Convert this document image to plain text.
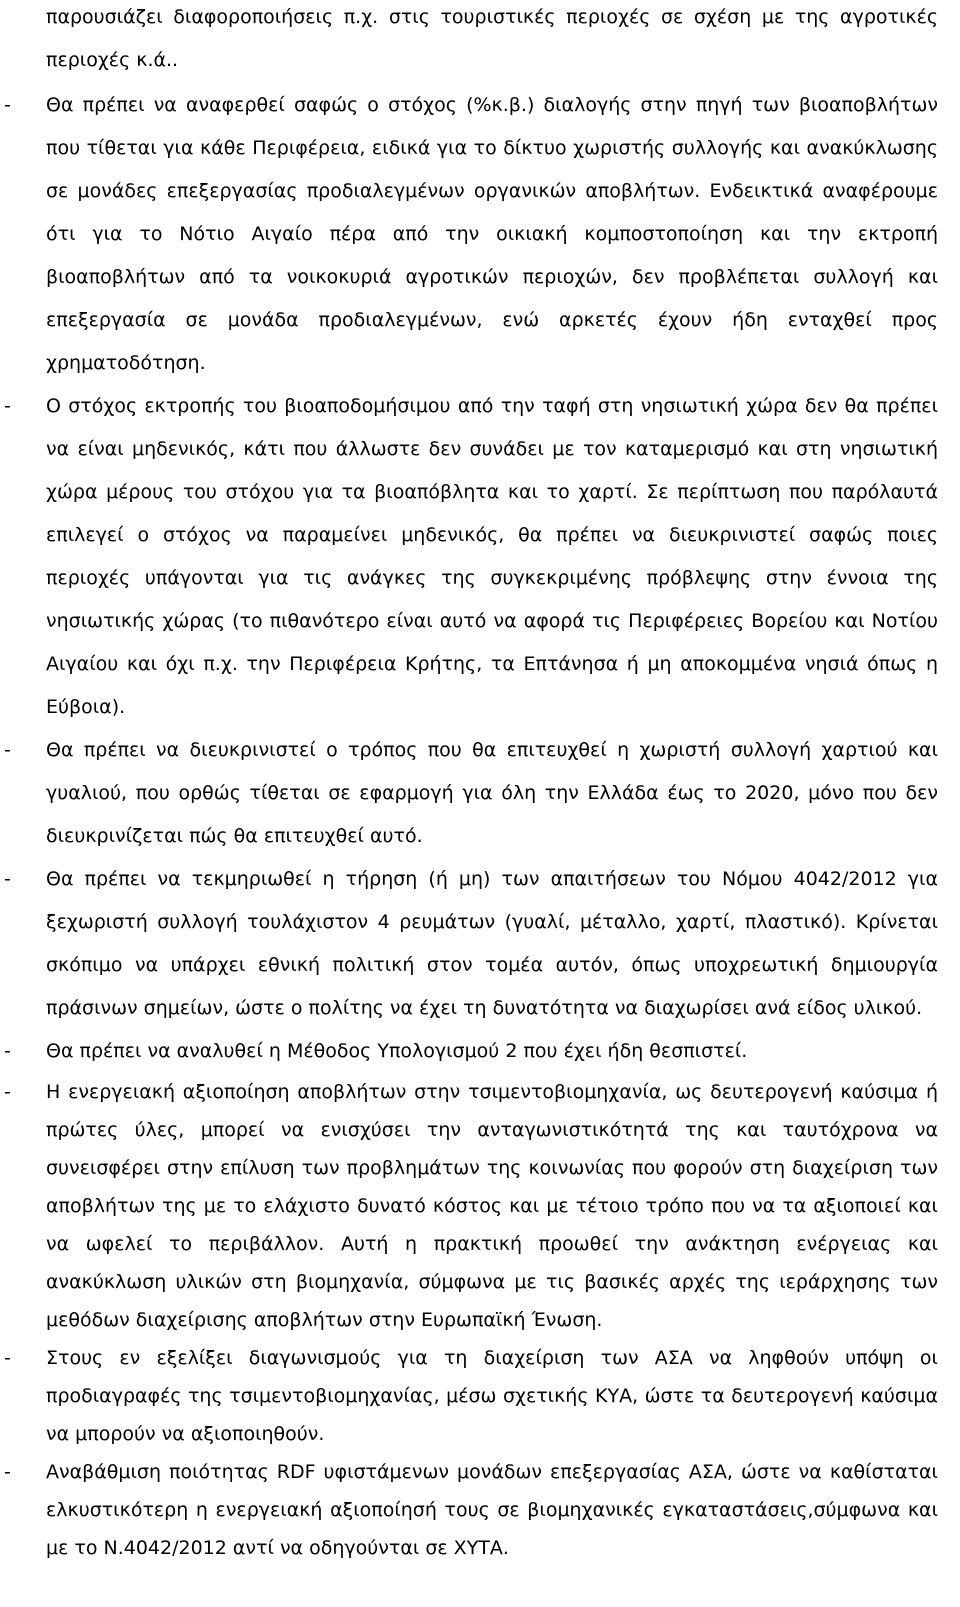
παρουσιάζει διαφοροποιήσεις π.χ. στις τουριστικές περιοχές σε σχέση με της αγροτικές περιοχές κ.ά..

- Θα πρέπει να αναφερθεί σαφώς ο στόχος (%κ.β.) διαλογής στην πηγή των βιοαποβλήτων που τίθεται για κάθε Περιφέρεια, ειδικά για το δίκτυο χωριστής συλλογής και ανακύκλωσης σε μονάδες επεξεργασίας προδιαλεγμένων οργανικών αποβλήτων. Ενδεικτικά αναφέρουμε ότι για το Νότιο Αιγαίο πέρα από την οικιακή κομποστοποίηση και την εκτροπή βιοαποβλήτων από τα νοικοκυριά αγροτικών περιοχών, δεν προβλέπεται συλλογή και επεξεργασία σε μονάδα προδιαλεγμένων, ενώ αρκετές έχουν ήδη ενταχθεί προς χρηματοδότηση.

- Ο στόχος εκτροπής του βιοαποδομήσιμου από την ταφή στη νησιωτική χώρα δεν θα πρέπει να είναι μηδενικός, κάτι που άλλωστε δεν συνάδει με τον καταμερισμό και στη νησιωτική χώρα μέρους του στόχου για τα βιοαπόβλητα και το χαρτί. Σε περίπτωση που παρόλαυτά επιλεγεί ο στόχος να παραμείνει μηδενικός, θα πρέπει να διευκρινιστεί σαφώς ποιες περιοχές υπάγονται για τις ανάγκες της συγκεκριμένης πρόβλεψης στην έννοια της νησιωτικής χώρας (το πιθανότερο είναι αυτό να αφορά τις Περιφέρειες Βορείου και Νοτίου Αιγαίου και όχι π.χ. την Περιφέρεια Κρήτης, τα Επτάνησα ή μη αποκομμένα νησιά όπως η Εύβοια).

- Θα πρέπει να διευκρινιστεί ο τρόπος που θα επιτευχθεί η χωριστή συλλογή χαρτιού και γυαλιού, που ορθώς τίθεται σε εφαρμογή για όλη την Ελλάδα έως το 2020, μόνο που δεν διευκρινίζεται πώς θα επιτευχθεί αυτό.

- Θα πρέπει να τεκμηριωθεί η τήρηση (ή μη) των απαιτήσεων του Νόμου 4042/2012 για ξεχωριστή συλλογή τουλάχιστον 4 ρευμάτων (γυαλί, μέταλλο, χαρτί, πλαστικό). Κρίνεται σκόπιμο να υπάρχει εθνική πολιτική στον τομέα αυτόν, όπως υποχρεωτική δημιουργία πράσινων σημείων, ώστε ο πολίτης να έχει τη δυνατότητα να διαχωρίσει ανά είδος υλικού.

- Θα πρέπει να αναλυθεί η Μέθοδος Υπολογισμού 2 που έχει ήδη θεσπιστεί.

- Η ενεργειακή αξιοποίηση αποβλήτων στην τσιμεντοβιομηχανία, ως δευτερογενή καύσιμα ή πρώτες ύλες, μπορεί να ενισχύσει την ανταγωνιστικότητά της και ταυτόχρονα να συνεισφέρει στην επίλυση των προβλημάτων της κοινωνίας που φορούν στη διαχείριση των αποβλήτων της με το ελάχιστο δυνατό κόστος και με τέτοιο τρόπο που να τα αξιοποιεί και να ωφελεί το περιβάλλον. Αυτή η πρακτική προωθεί την ανάκτηση ενέργειας και ανακύκλωση υλικών στη βιομηχανία, σύμφωνα με τις βασικές αρχές της ιεράρχησης των μεθόδων διαχείρισης αποβλήτων στην Ευρωπαϊκή Ένωση.

- Στους εν εξελίξει διαγωνισμούς για τη διαχείριση των ΑΣΑ να ληφθούν υπόψη οι προδιαγραφές της τσιμεντοβιομηχανίας, μέσω σχετικής ΚΥΑ, ώστε τα δευτερογενή καύσιμα να μπορούν να αξιοποιηθούν.

- Αναβάθμιση ποιότητας RDF υφιστάμενων μονάδων επεξεργασίας ΑΣΑ, ώστε να καθίσταται ελκυστικότερη η ενεργειακή αξιοποίησή τους σε βιομηχανικές εγκαταστάσεις,σύμφωνα και με το Ν.4042/2012 αντί να οδηγούνται σε ΧΥΤΑ.
